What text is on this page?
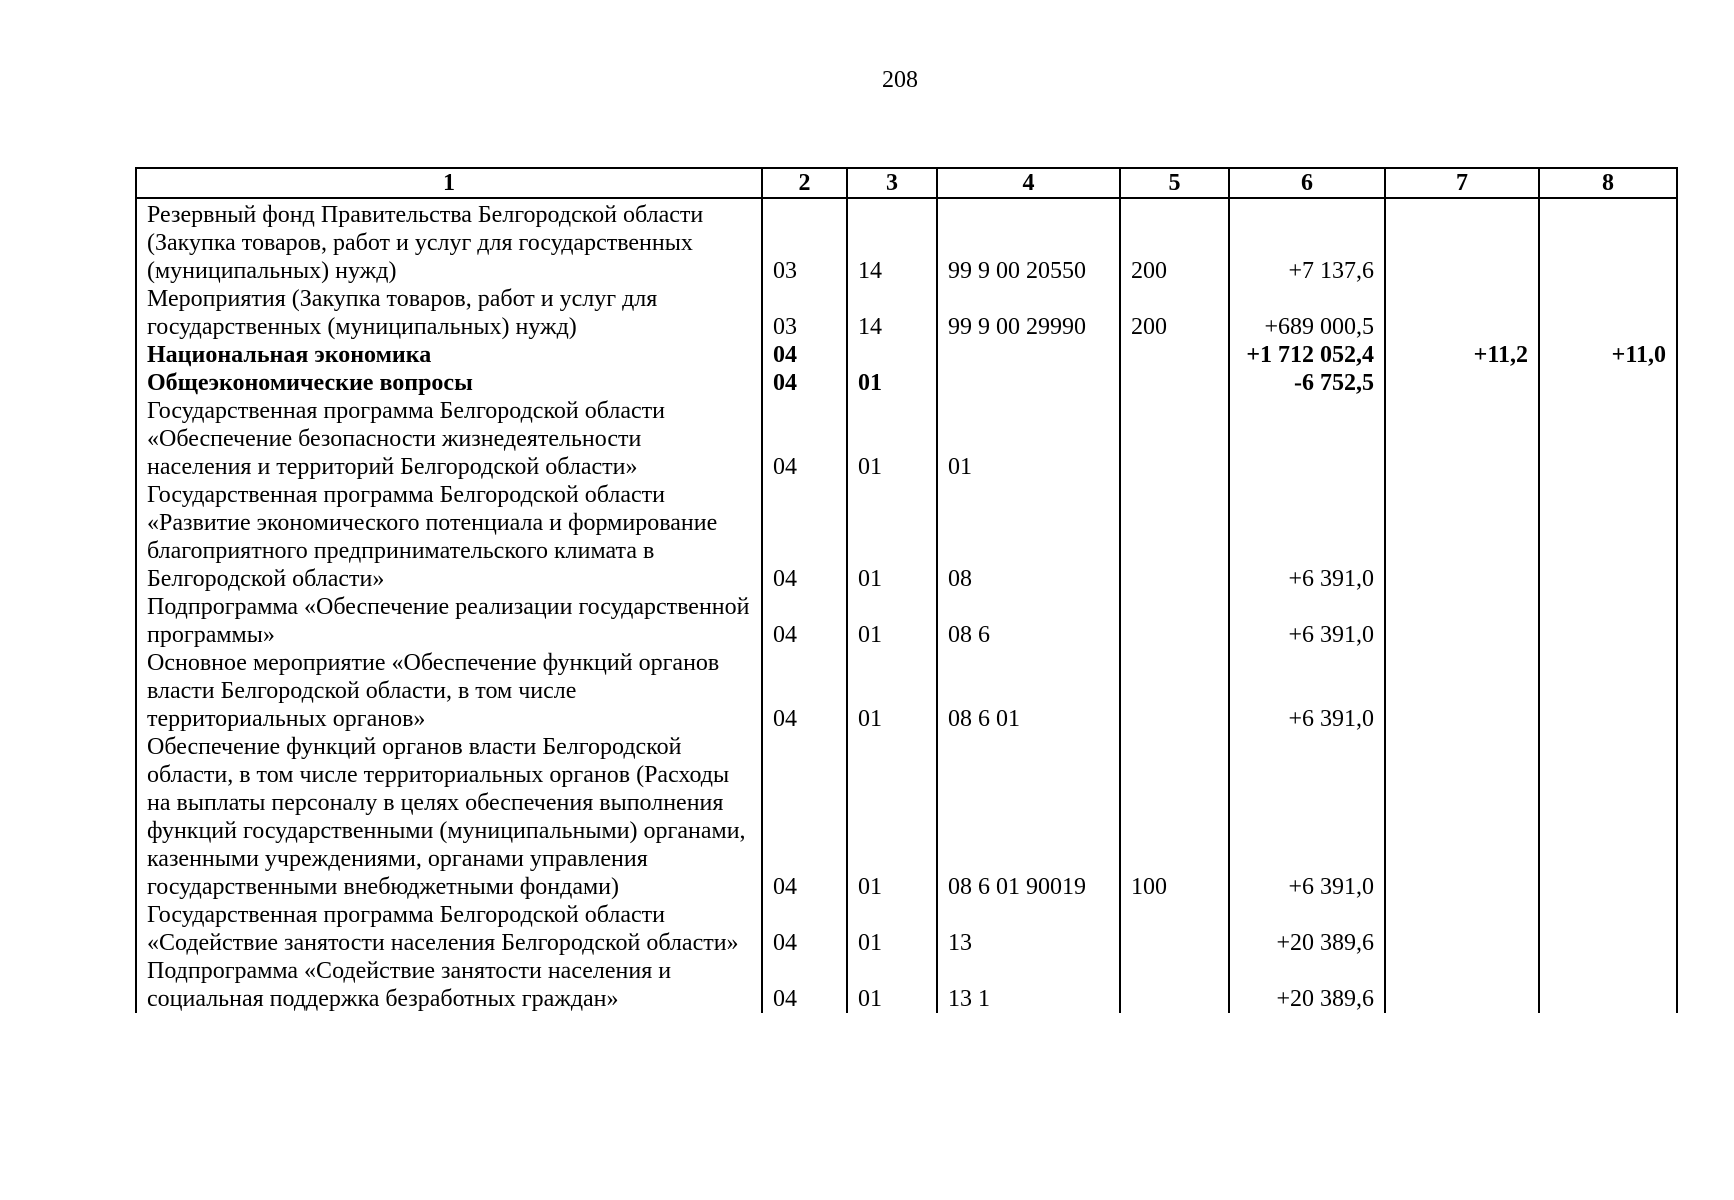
208
1	2	3	4	5	6	7	8
Резервный фонд Правительства Белгородской области (Закупка товаров, работ и услуг для государственных (муниципальных) нужд)	03	14	99 9 00 20550	200	+7 137,6		
Мероприятия (Закупка товаров, работ и услуг для государственных (муниципальных) нужд)	03	14	99 9 00 29990	200	+689 000,5		
Национальная экономика	04				+1 712 052,4	+11,2	+11,0
Общеэкономические вопросы	04	01			-6 752,5		
Государственная программа Белгородской области «Обеспечение безопасности жизнедеятельности населения и территорий Белгородской области»	04	01	01				
Государственная программа Белгородской области «Развитие экономического потенциала и формирование благоприятного предпринимательского климата в Белгородской области»	04	01	08		+6 391,0		
Подпрограмма «Обеспечение реализации государственной программы»	04	01	08 6		+6 391,0		
Основное мероприятие «Обеспечение функций органов власти Белгородской области, в том числе территориальных органов»	04	01	08 6 01		+6 391,0		
Обеспечение функций органов власти Белгородской области, в том числе территориальных органов (Расходы на выплаты персоналу в целях обеспечения выполнения функций государственными (муниципальными) органами, казенными учреждениями, органами управления государственными внебюджетными фондами)	04	01	08 6 01 90019	100	+6 391,0		
Государственная программа Белгородской области «Содействие занятости населения Белгородской области»	04	01	13		+20 389,6		
Подпрограмма «Содействие занятости населения и социальная поддержка безработных граждан»	04	01	13 1		+20 389,6		
